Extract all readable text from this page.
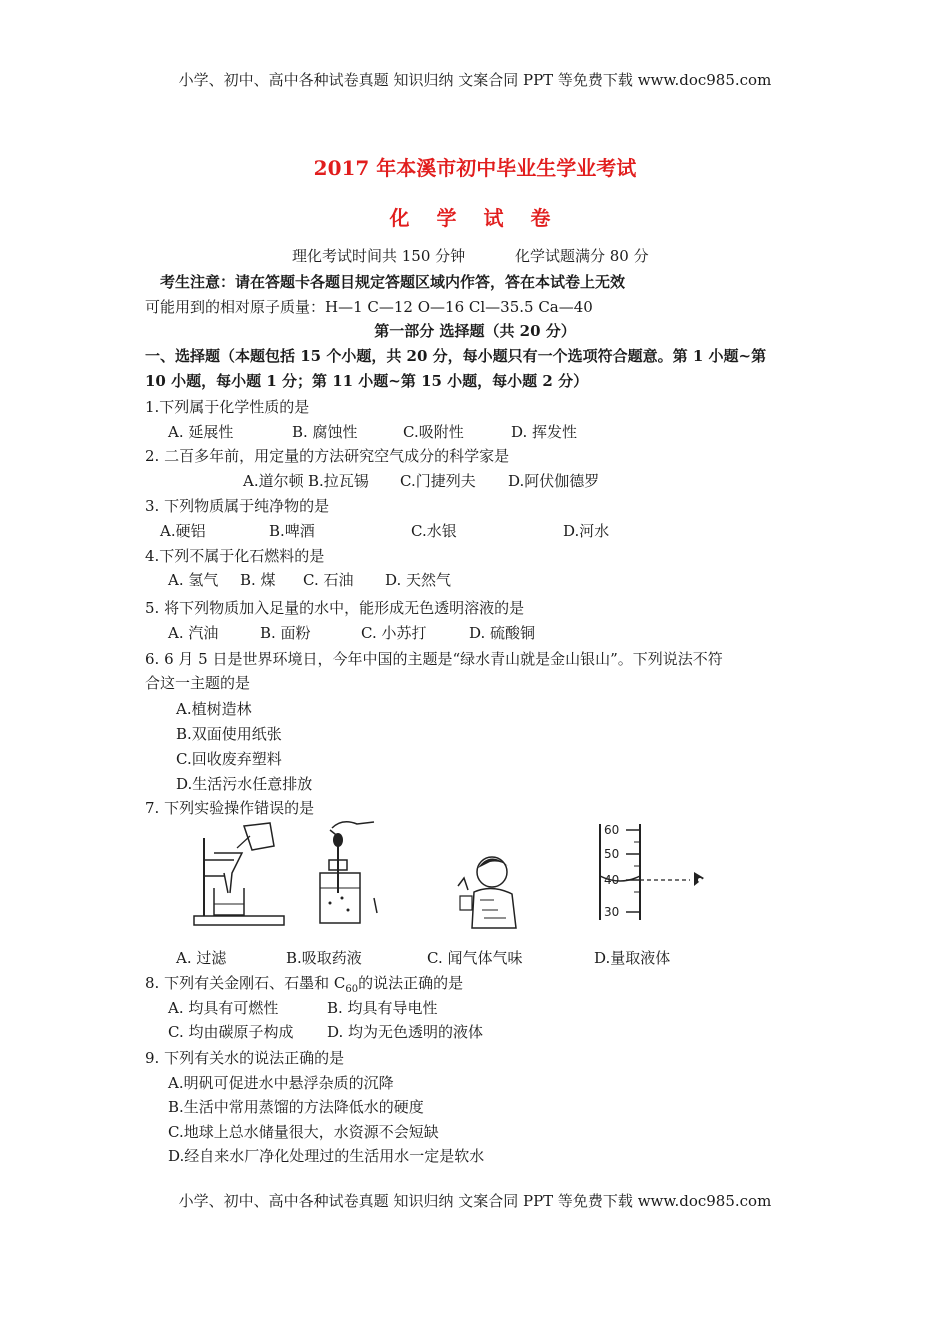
小学、初中、高中各种试卷真题 知识归纳 文案合同 PPT 等免费下载 www.doc985.com
2017 年本溪市初中毕业生学业考试
化 学 试 卷
理化考试时间共 150 分钟	化学试题满分 80 分
考生注意：请在答题卡各题目规定答题区域内作答，答在本试卷上无效
可能用到的相对原子质量：H—1 C—12 O—16 Cl—35.5 Ca—40
第一部分 选择题（共 20 分）
一、选择题（本题包括 15 个小题，共 20 分，每小题只有一个选项符合题意。第 1 小题~第
10 小题，每小题 1 分；第 11 小题~第 15 小题，每小题 2 分）
1.下列属于化学性质的是
A. 延展性	B. 腐蚀性	C.吸附性	D. 挥发性
2. 二百多年前，用定量的方法研究空气成分的科学家是
A.道尔顿 B.拉瓦锡 C.门捷列夫 D.阿伏伽德罗
3. 下列物质属于纯净物的是
A.硬铝	B.啤酒	C.水银	D.河水
4.下列不属于化石燃料的是
A. 氢气 B. 煤 C. 石油 D. 天然气
5. 将下列物质加入足量的水中，能形成无色透明溶液的是
A. 汽油	B. 面粉	C. 小苏打	D. 硫酸铜
6. 6 月 5 日是世界环境日，今年中国的主题是“绿水青山就是金山银山”。下列说法不符
合这一主题的是
A.植树造林
B.双面使用纸张
C.回收废弃塑料
D.生活污水任意排放
7. 下列实验操作错误的是
60
50
40
30
A. 过滤	B.吸取药液	C. 闻气体气味	D.量取液体
8. 下列有关金刚石、石墨和 $C_{60}$的说法正确的是
A. 均具有可燃性	B. 均具有导电性
C. 均由碳原子构成 D. 均为无色透明的液体
9. 下列有关水的说法正确的是
A.明矾可促进水中悬浮杂质的沉降
B.生活中常用蒸馏的方法降低水的硬度
C.地球上总水储量很大，水资源不会短缺
D.经自来水厂净化处理过的生活用水一定是软水
小学、初中、高中各种试卷真题 知识归纳 文案合同 PPT 等免费下载 www.doc985.com
